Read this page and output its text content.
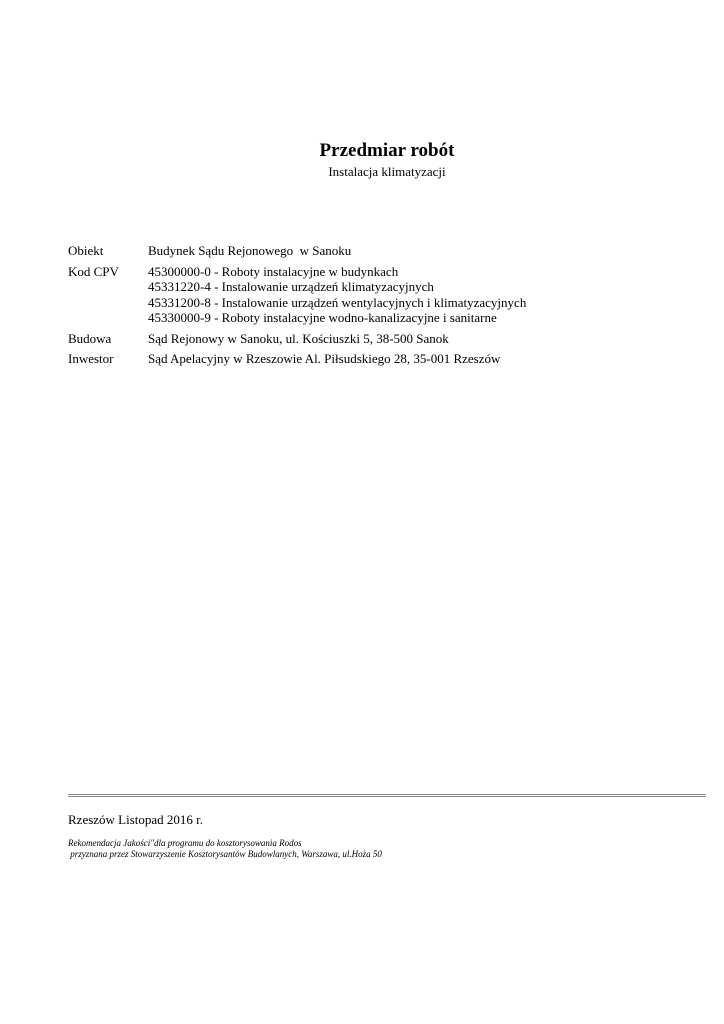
Przedmiar robót
Instalacja klimatyzacji
Obiekt	Budynek Sądu Rejonowego  w Sanoku
Kod CPV	45300000-0 - Roboty instalacyjne w budynkach
45331220-4 - Instalowanie urządzeń klimatyzacyjnych
45331200-8 - Instalowanie urządzeń wentylacyjnych i klimatyzacyjnych
45330000-9 - Roboty instalacyjne wodno-kanalizacyjne i sanitarne
Budowa	Sąd Rejonowy w Sanoku, ul. Kościuszki 5, 38-500 Sanok
Inwestor	Sąd Apelacyjny w Rzeszowie Al. Piłsudskiego 28, 35-001 Rzeszów
Rzeszów Listopad 2016 r.
Rekomendacja Jakości"dla programu do kosztorysowania Rodos
przyznana przez Stowarzyszenie Kosztorysantów Budowlanych, Warszawa, ul.Hoża 50
